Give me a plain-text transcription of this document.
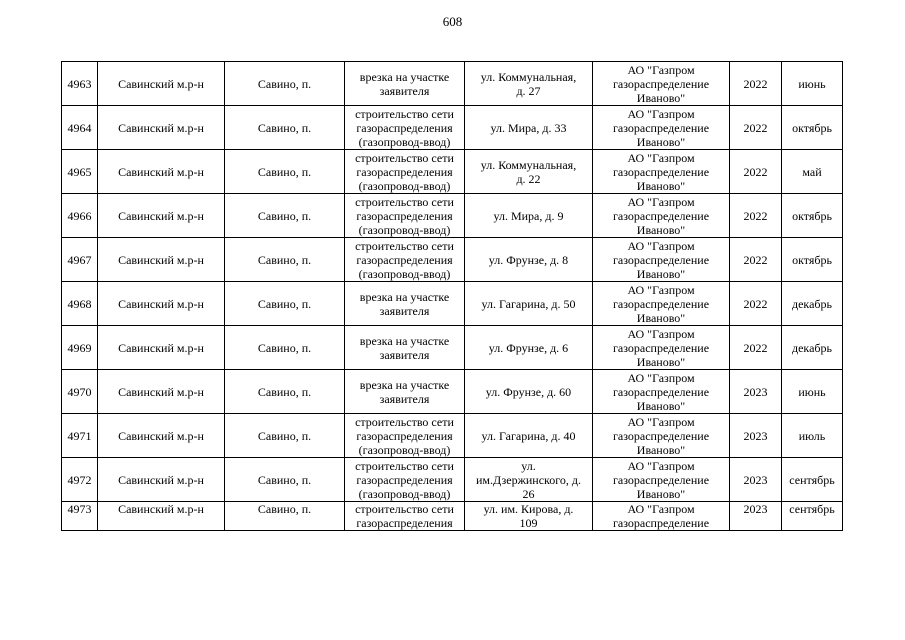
608
4963	Савинский м.р-н	Савино, п.	врезка на участке
заявителя	ул. Коммунальная,
д. 27	АО "Газпром
газораспределение
Иваново"	2022	июнь
4964	Савинский м.р-н	Савино, п.	строительство сети
газораспределения
(газопровод-ввод)	ул. Мира, д. 33	АО "Газпром
газораспределение
Иваново"	2022	октябрь
4965	Савинский м.р-н	Савино, п.	строительство сети
газораспределения
(газопровод-ввод)	ул. Коммунальная,
д. 22	АО "Газпром
газораспределение
Иваново"	2022	май
4966	Савинский м.р-н	Савино, п.	строительство сети
газораспределения
(газопровод-ввод)	ул. Мира, д. 9	АО "Газпром
газораспределение
Иваново"	2022	октябрь
4967	Савинский м.р-н	Савино, п.	строительство сети
газораспределения
(газопровод-ввод)	ул. Фрунзе, д. 8	АО "Газпром
газораспределение
Иваново"	2022	октябрь
4968	Савинский м.р-н	Савино, п.	врезка на участке
заявителя	ул. Гагарина, д. 50	АО "Газпром
газораспределение
Иваново"	2022	декабрь
4969	Савинский м.р-н	Савино, п.	врезка на участке
заявителя	ул. Фрунзе, д. 6	АО "Газпром
газораспределение
Иваново"	2022	декабрь
4970	Савинский м.р-н	Савино, п.	врезка на участке
заявителя	ул. Фрунзе, д. 60	АО "Газпром
газораспределение
Иваново"	2023	июнь
4971	Савинский м.р-н	Савино, п.	строительство сети
газораспределения
(газопровод-ввод)	ул. Гагарина, д. 40	АО "Газпром
газораспределение
Иваново"	2023	июль
4972	Савинский м.р-н	Савино, п.	строительство сети
газораспределения
(газопровод-ввод)	ул.
им.Дзержинского, д.
26	АО "Газпром
газораспределение
Иваново"	2023	сентябрь
4973	Савинский м.р-н	Савино, п.	строительство сети
газораспределения	ул. им. Кирова, д.
109	АО "Газпром
газораспределение	2023	сентябрь
